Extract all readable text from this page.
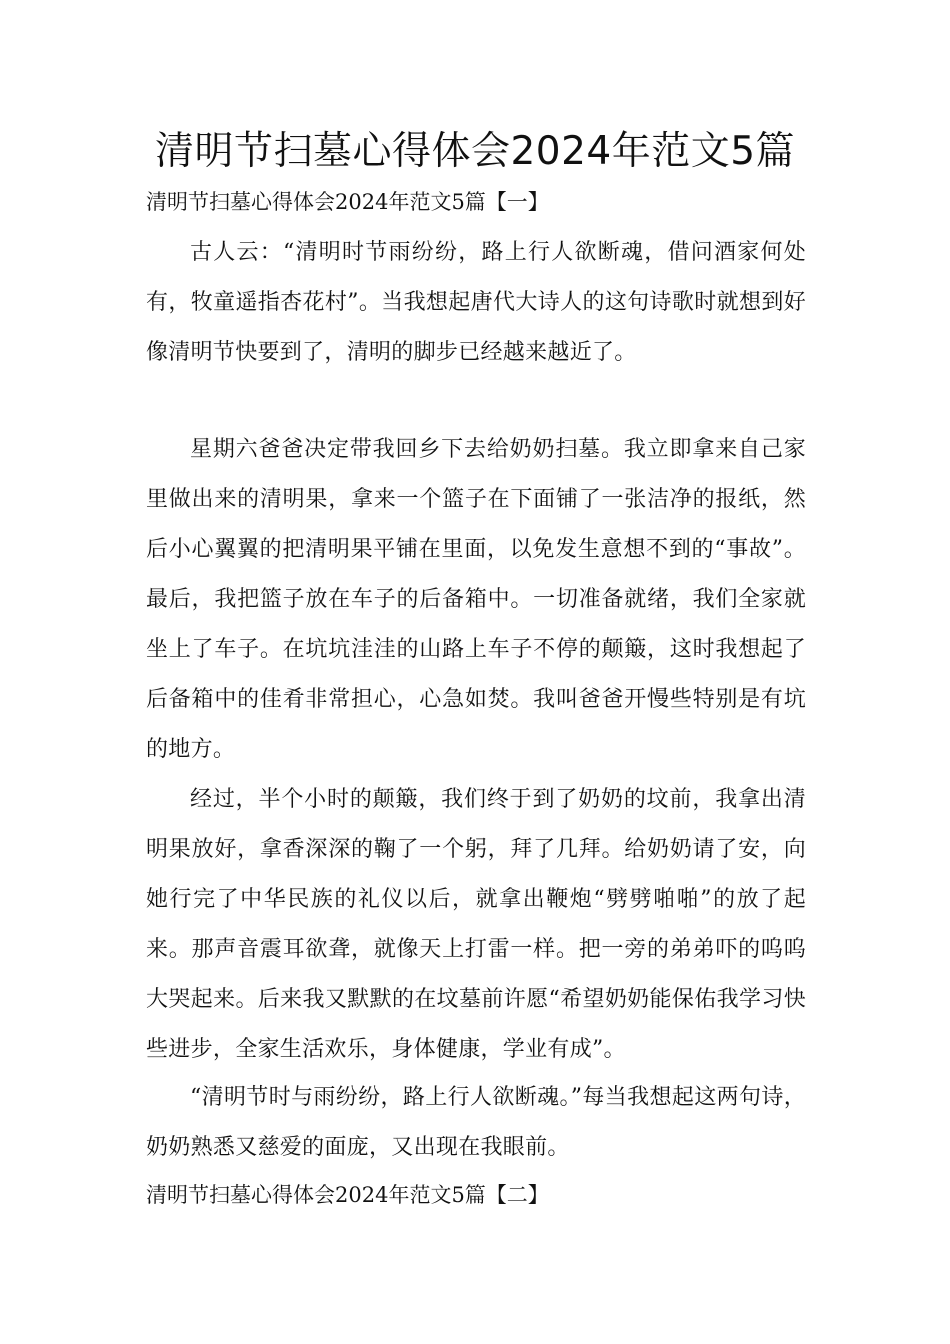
清明节扫墓心得体会2024年范文5篇
清明节扫墓心得体会2024年范文5篇【一】

古人云：“清明时节雨纷纷，路上行人欲断魂，借问酒家何处有，牧童遥指杏花村”。当我想起唐代大诗人的这句诗歌时就想到好像清明节快要到了，清明的脚步已经越来越近了。

星期六爸爸决定带我回乡下去给奶奶扫墓。我立即拿来自己家里做出来的清明果，拿来一个篮子在下面铺了一张洁净的报纸，然后小心翼翼的把清明果平铺在里面，以免发生意想不到的“事故”。最后，我把篮子放在车子的后备箱中。一切准备就绪，我们全家就坐上了车子。在坑坑洼洼的山路上车子不停的颠簸，这时我想起了后备箱中的佳肴非常担心，心急如焚。我叫爸爸开慢些特别是有坑的地方。

经过，半个小时的颠簸，我们终于到了奶奶的坟前，我拿出清明果放好，拿香深深的鞠了一个躬，拜了几拜。给奶奶请了安，向她行完了中华民族的礼仪以后，就拿出鞭炮“劈劈啪啪”的放了起来。那声音震耳欲聋，就像天上打雷一样。把一旁的弟弟吓的呜呜大哭起来。后来我又默默的在坟墓前许愿“希望奶奶能保佑我学习快些进步，全家生活欢乐，身体健康，学业有成”。

“清明节时与雨纷纷，路上行人欲断魂。”每当我想起这两句诗，奶奶熟悉又慈爱的面庞，又出现在我眼前。

清明节扫墓心得体会2024年范文5篇【二】
